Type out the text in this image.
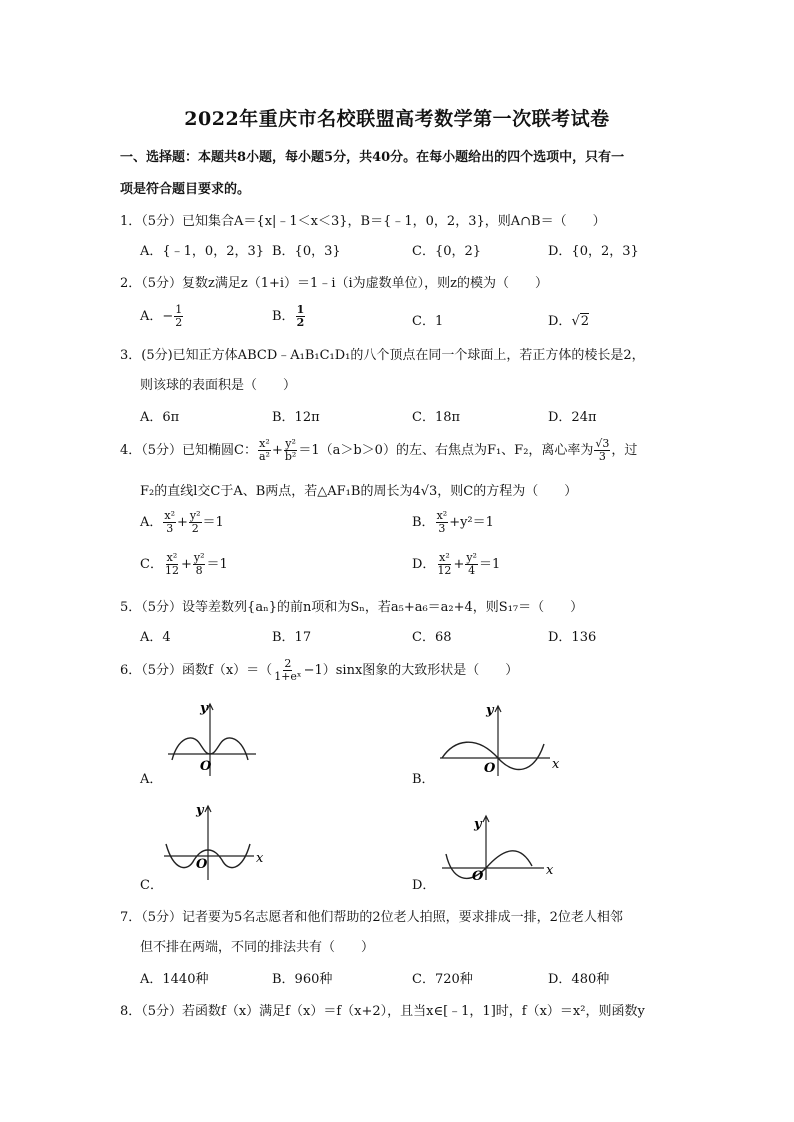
2022年重庆市名校联盟高考数学第一次联考试卷
一、选择题：本题共8小题，每小题5分，共40分。在每小题给出的四个选项中，只有一
项是符合题目要求的。
1．（5分）已知集合A＝{x|﹣1＜x＜3}，B＝{﹣1，0，2，3}，则A∩B＝（　　）
A．{﹣1，0，2，3} B．{0，3}	C．{0，2}	D．{0，2，3}
2．（5分）复数z满足z（1+i）＝1﹣i（i为虚数单位），则z的模为（　　）
A．− $\frac{1}{2}$	B． $\frac{1}{2}$	C．1	D．√2
3．(5分)已知正方体ABCD﹣A₁B₁C₁D₁的八个顶点在同一个球面上，若正方体的棱长是2，
则该球的表面积是（　　）
A．6π	B．12π	C．18π	D．24π
4．（5分）已知椭圆C： $\frac{\text{x²}}{\text{a²}} + \frac{\text{y²}}{\text{b²}} =1(a>b>0)$的左、右焦点为F₁、F₂，离心率为 $\frac{√3}{3}$ ，过
F₂的直线l交C于A、B两点，若△AF₁B的周长为4√3，则C的方程为（　　）
A． $\frac{\text{x²}}{3} + \frac{\text{y²}}{2} =1$	B． $\frac{\text{x²}}{3} +y^2=1$
C． $\frac{\text{x²}}{12} + \frac{\text{y²}}{8} =1$	D． $\frac{\text{x²}}{12} + \frac{\text{y²}}{4} =1$
5．（5分）设等差数列{aₙ}的前n项和为Sₙ，若a₅+a₆＝a₂+4，则S₁₇＝（　　）
A．4	B．17	C．68	D．136
6．（5分）函数$f(x)=( \frac{2}{\text{1+eˣ}} -1)\sin x$图象的大致形状是（　　）
y
O
A．
y
O	x
B．
y
O	x
C．
y
O	x
D．
7．（5分）记者要为5名志愿者和他们帮助的2位老人拍照，要求排成一排，2位老人相邻
但不排在两端，不同的排法共有（　　）
A．1440种	B．960种	C．720种	D．480种
8．（5分）若函数f（x）满足f（x）＝f（x+2），且当x∈[﹣1，1]时，f（x）＝x²，则函数y
